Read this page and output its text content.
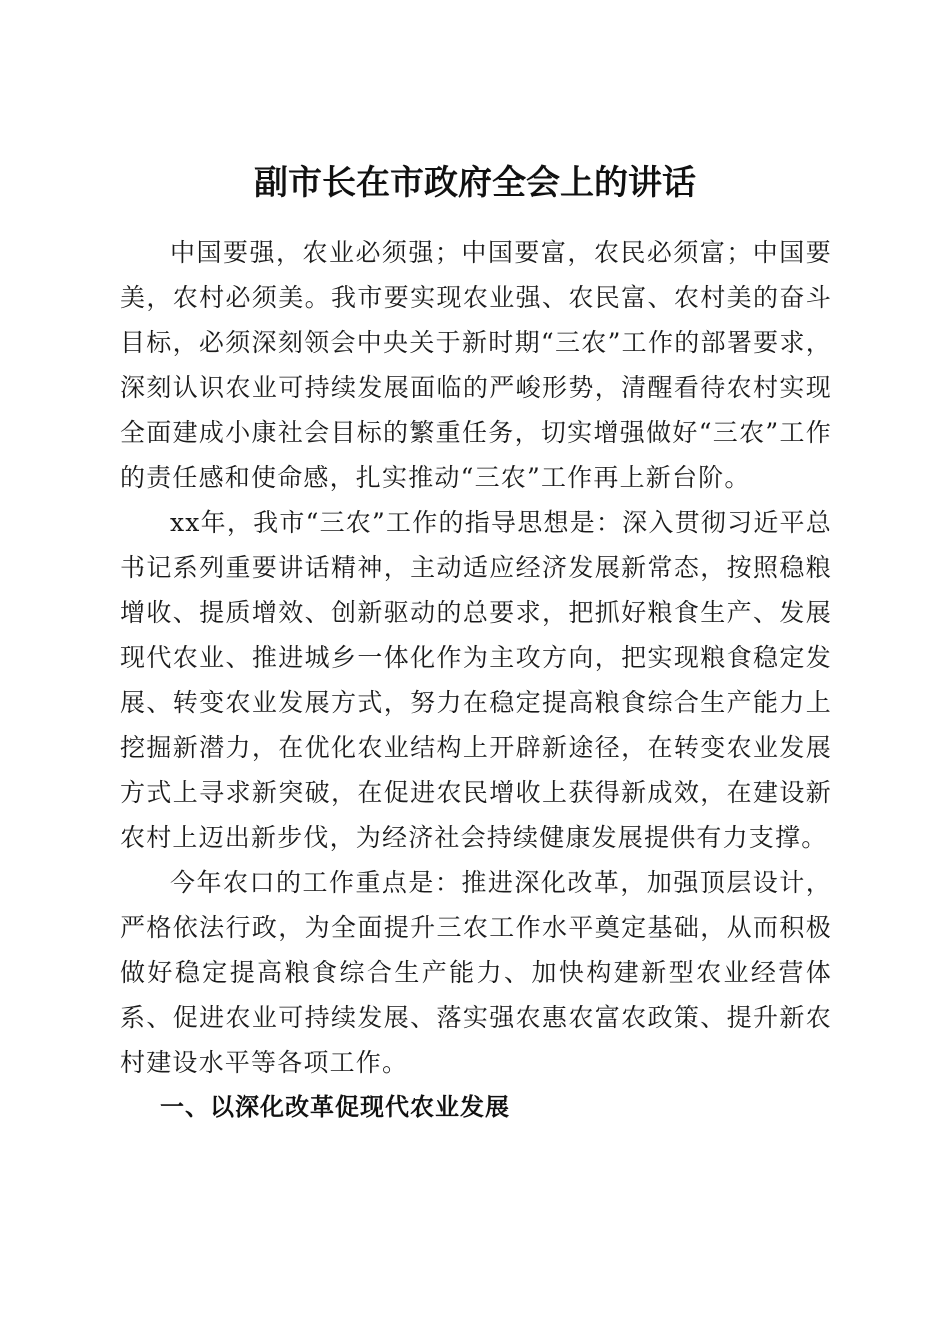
副市长在市政府全会上的讲话

中国要强，农业必须强；中国要富，农民必须富；中国要美，农村必须美。我市要实现农业强、农民富、农村美的奋斗目标，必须深刻领会中央关于新时期“三农”工作的部署要求，深刻认识农业可持续发展面临的严峻形势，清醒看待农村实现全面建成小康社会目标的繁重任务，切实增强做好“三农”工作的责任感和使命感，扎实推动“三农”工作再上新台阶。

xx年，我市“三农”工作的指导思想是：深入贯彻习近平总书记系列重要讲话精神，主动适应经济发展新常态，按照稳粮增收、提质增效、创新驱动的总要求，把抓好粮食生产、发展现代农业、推进城乡一体化作为主攻方向，把实现粮食稳定发展、转变农业发展方式，努力在稳定提高粮食综合生产能力上挖掘新潜力，在优化农业结构上开辟新途径，在转变农业发展方式上寻求新突破，在促进农民增收上获得新成效，在建设新农村上迈出新步伐，为经济社会持续健康发展提供有力支撑。

今年农口的工作重点是：推进深化改革，加强顶层设计，严格依法行政，为全面提升三农工作水平奠定基础，从而积极做好稳定提高粮食综合生产能力、加快构建新型农业经营体系、促进农业可持续发展、落实强农惠农富农政策、提升新农村建设水平等各项工作。

一、以深化改革促现代农业发展
